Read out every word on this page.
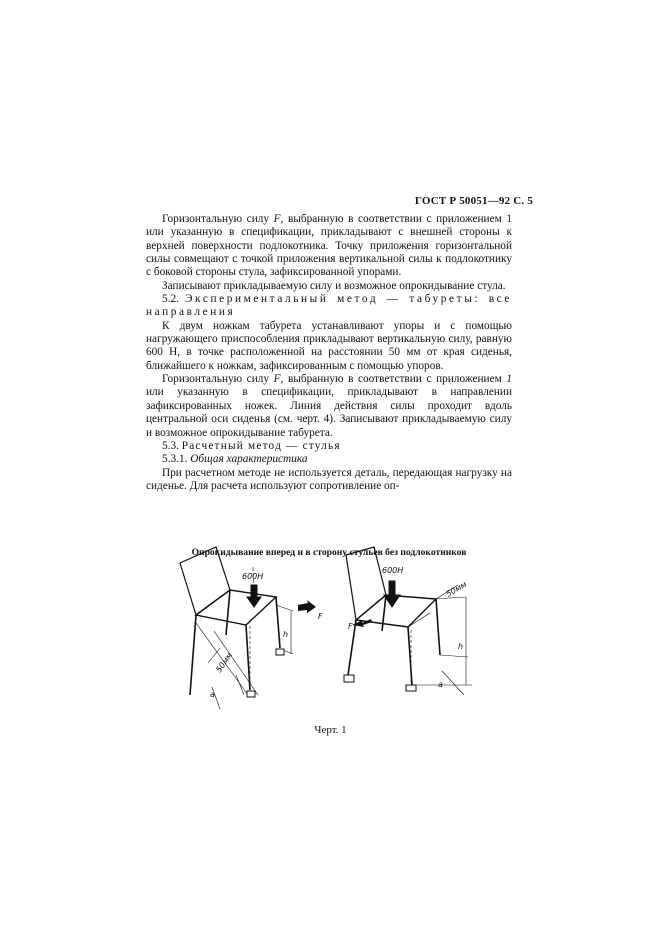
ГОСТ Р 50051—92 С. 5

Горизонтальную силу F, выбранную в соответствии с приложением 1 или указанную в спецификации, прикладывают с внешней стороны к верхней поверхности подлокотника. Точку приложения горизонтальной силы совмещают с точкой приложения вертикальной силы к подлокотнику с боковой стороны стула, зафиксированной упорами.

Записывают прикладываемую силу и возможное опрокидывание стула.

5.2. Экспериментальный метод — табуреты: все направления

К двум ножкам табурета устанавливают упоры и с помощью нагружающего приспособления прикладывают вертикальную силу, равную 600 Н, в точке расположенной на расстоянии 50 мм от края сиденья, ближайшего к ножкам, зафиксированным с помощью упоров.

Горизонтальную силу F, выбранную в соответствии с приложением 1 или указанную в спецификации, прикладывают в направлении зафиксированных ножек. Линия действия силы проходит вдоль центральной оси сиденья (см. черт. 4). Записывают прикладываемую силу и возможное опрокидывание табурета.

5.3. Расчетный метод — стулья

5.3.1. Общая характеристика

При расчетном методе не используется деталь, передающая нагрузку на сиденье. Для расчета используют сопротивление оп-

Опрокидывание вперед и в сторону стульев без подлокотников
600Н
F
h
50мм
a
600Н
F
h
50мм
a
Черт. 1
